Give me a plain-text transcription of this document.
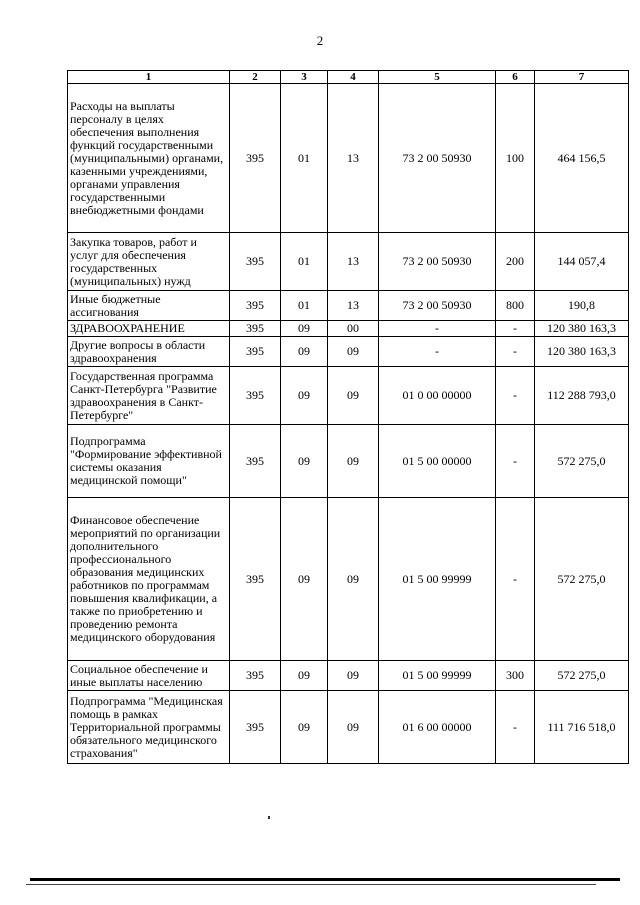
2
1	2	3	4	5	6	7
Расходы на выплаты персоналу в целях обеспечения выполнения функций государственными (муниципальными) органами, казенными учреждениями, органами управления государственными внебюджетными фондами	395	01	13	73 2 00 50930	100	464 156,5
Закупка товаров, работ и услуг для обеспечения государственных (муниципальных) нужд	395	01	13	73 2 00 50930	200	144 057,4
Иные бюджетные ассигнования	395	01	13	73 2 00 50930	800	190,8
ЗДРАВООХРАНЕНИЕ	395	09	00	-	-	120 380 163,3
Другие вопросы в области здравоохранения	395	09	09	-	-	120 380 163,3
Государственная программа Санкт-Петербурга "Развитие здравоохранения в Санкт-Петербурге"	395	09	09	01 0 00 00000	-	112 288 793,0
Подпрограмма "Формирование эффективной системы оказания медицинской помощи"	395	09	09	01 5 00 00000	-	572 275,0
Финансовое обеспечение мероприятий по организации дополнительного профессионального образования медицинских работников по программам повышения квалификации, а также по приобретению и проведению ремонта медицинского оборудования	395	09	09	01 5 00 99999	-	572 275,0
Социальное обеспечение и иные выплаты населению	395	09	09	01 5 00 99999	300	572 275,0
Подпрограмма "Медицинская помощь в рамках Территориальной программы обязательного медицинского страхования"	395	09	09	01 6 00 00000	-	111 716 518,0
